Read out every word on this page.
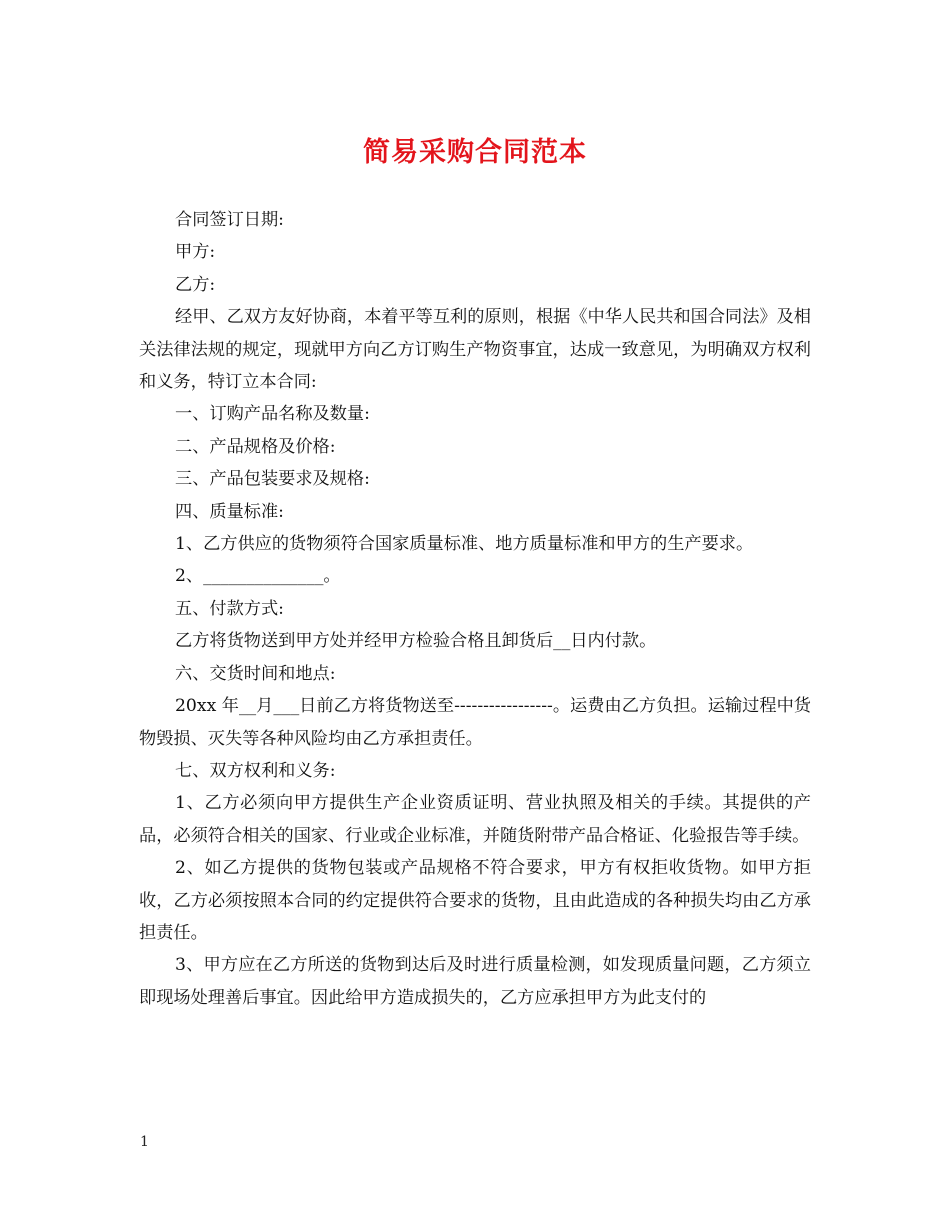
简易采购合同范本

合同签订日期:

甲方:

乙方:

经甲、乙双方友好协商，本着平等互利的原则，根据《中华人民共和国合同法》及相关法律法规的规定，现就甲方向乙方订购生产物资事宜，达成一致意见，为明确双方权利和义务，特订立本合同:

一、订购产品名称及数量:

二、产品规格及价格:

三、产品包装要求及规格:

四、质量标准:

1、乙方供应的货物须符合国家质量标准、地方质量标准和甲方的生产要求。

2、______________。

五、付款方式:

乙方将货物送到甲方处并经甲方检验合格且卸货后__日内付款。

六、交货时间和地点:

20xx 年__月___日前乙方将货物送至-----------------。运费由乙方负担。运输过程中货物毁损、灭失等各种风险均由乙方承担责任。

七、双方权利和义务:

1、乙方必须向甲方提供生产企业资质证明、营业执照及相关的手续。其提供的产品，必须符合相关的国家、行业或企业标准，并随货附带产品合格证、化验报告等手续。

2、如乙方提供的货物包装或产品规格不符合要求，甲方有权拒收货物。如甲方拒收，乙方必须按照本合同的约定提供符合要求的货物，且由此造成的各种损失均由乙方承担责任。

3、甲方应在乙方所送的货物到达后及时进行质量检测，如发现质量问题，乙方须立即现场处理善后事宜。因此给甲方造成损失的，乙方应承担甲方为此支付的

1
